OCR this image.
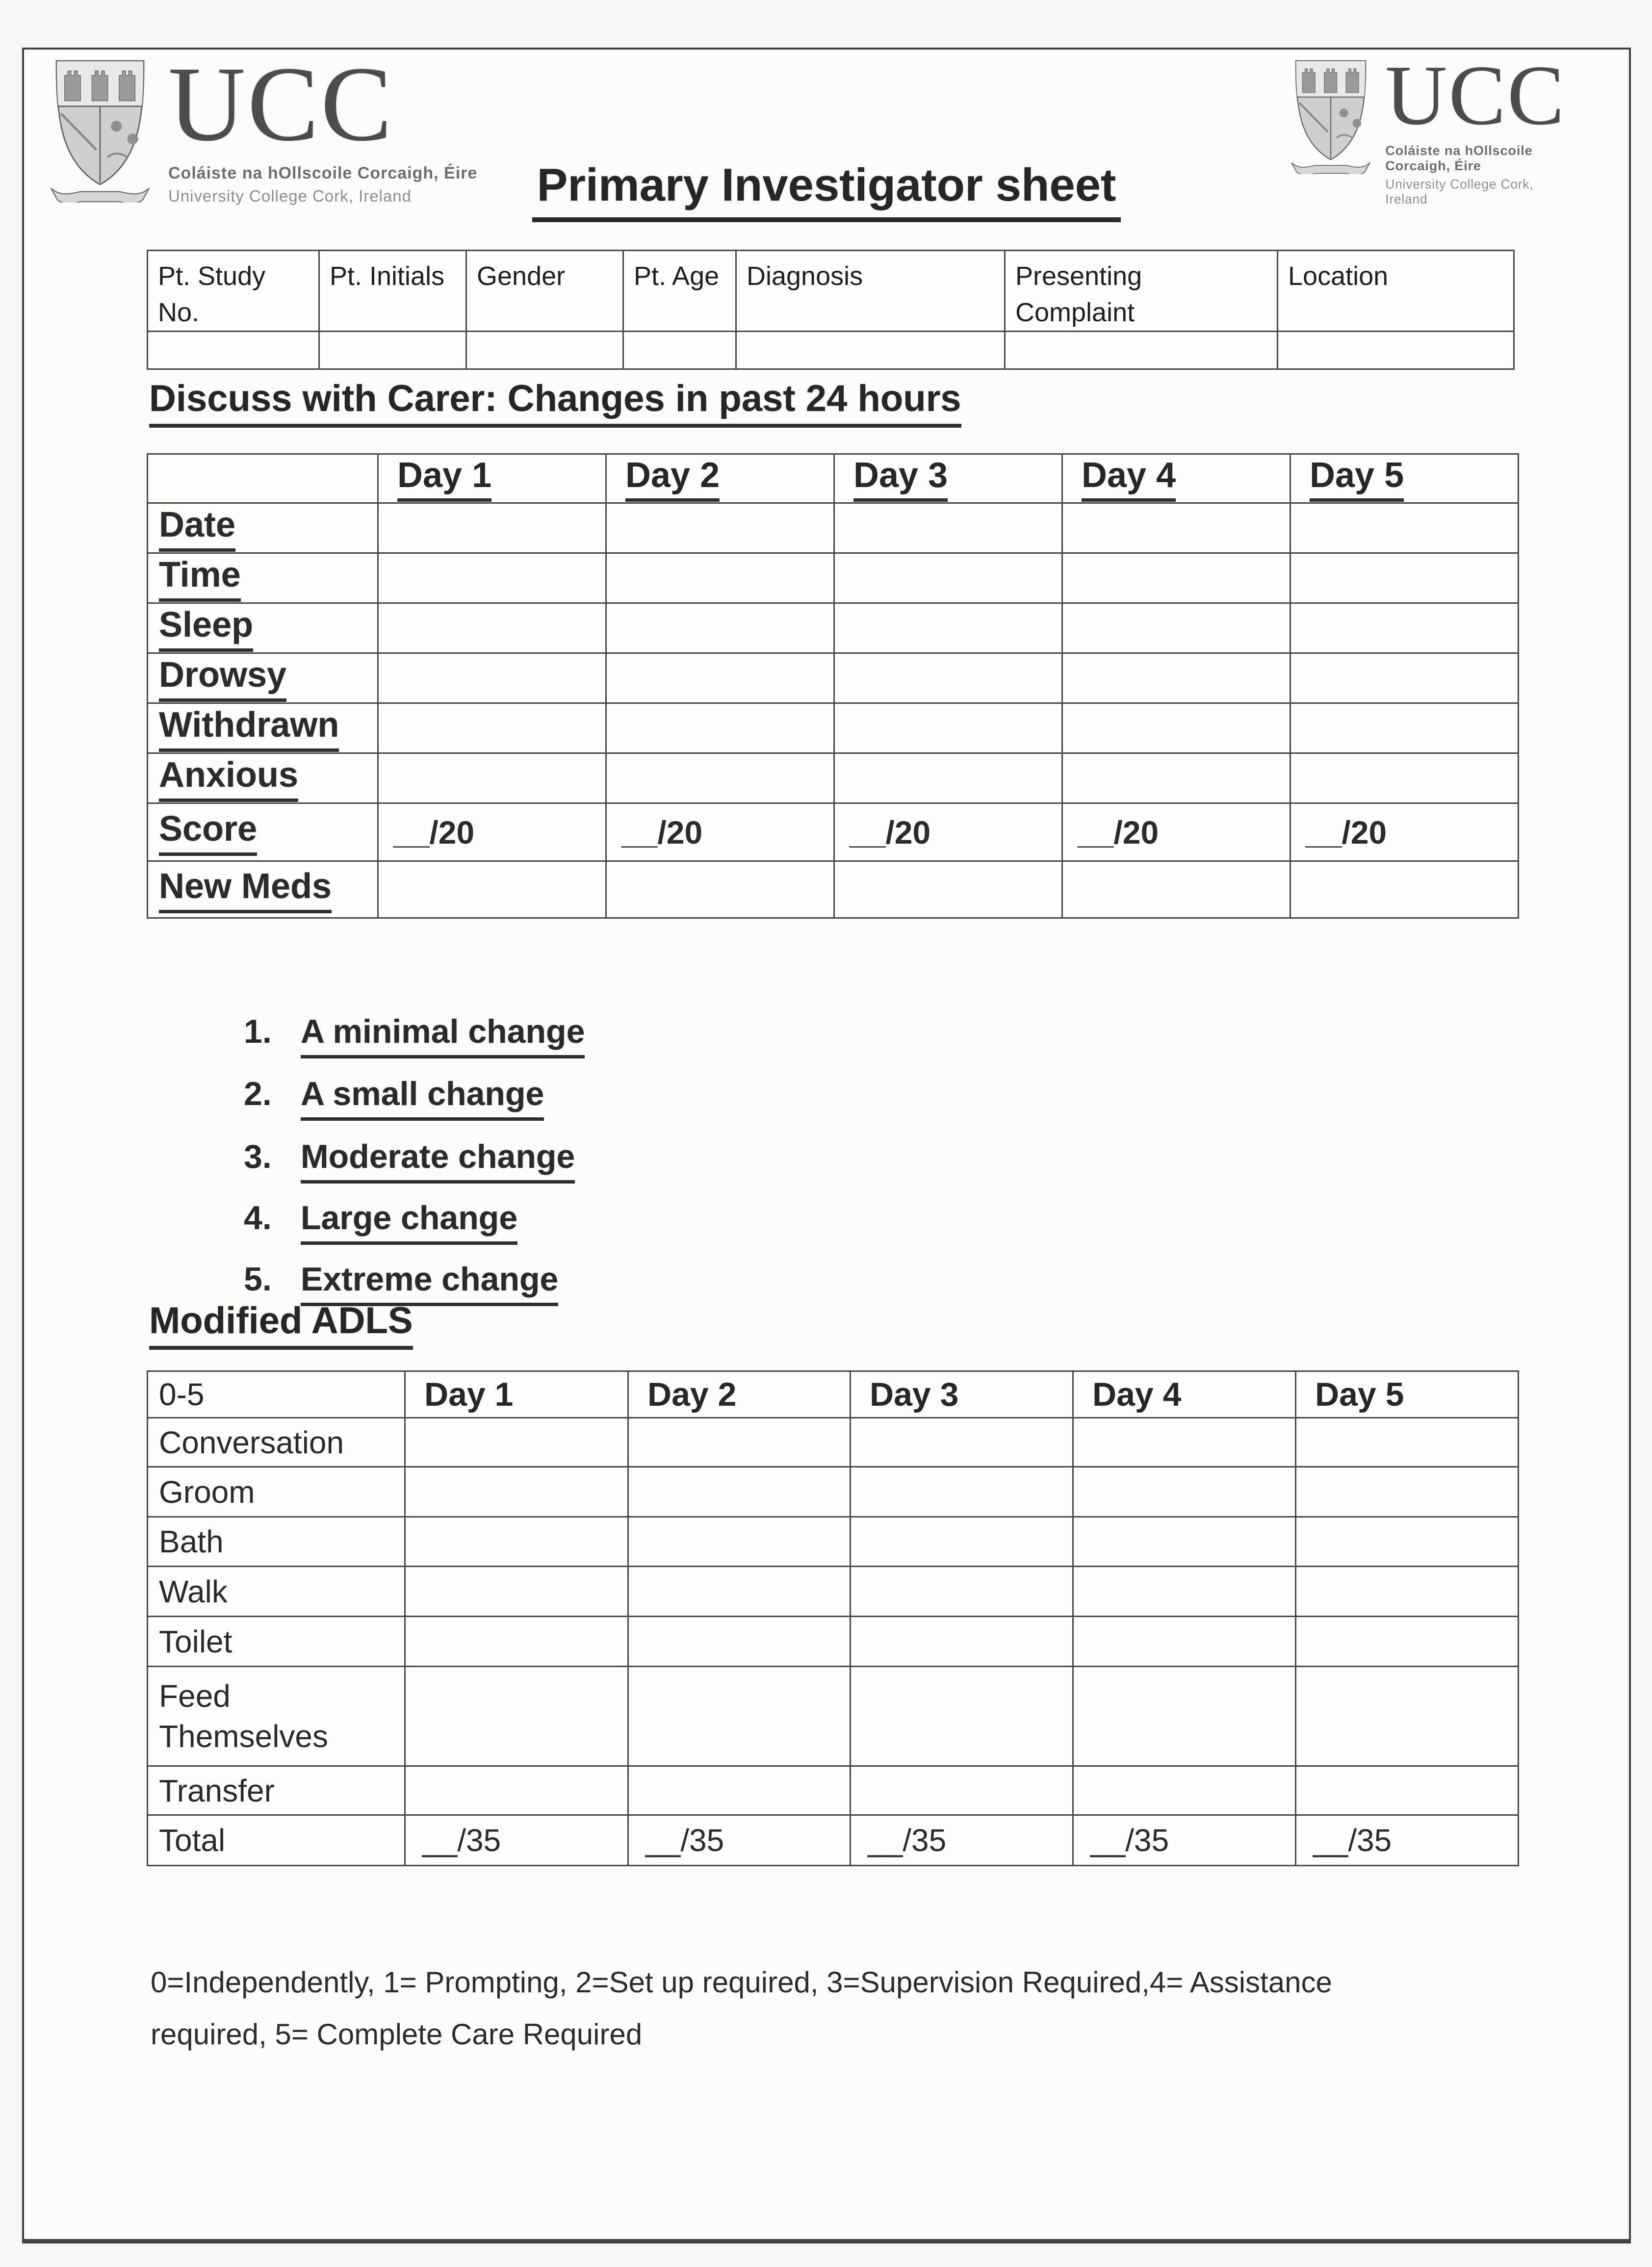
UCC
Coláiste na hOllscoile Corcaigh, Éire
University College Cork, Ireland
UCC
Coláiste na hOllscoile Corcaigh, Éire
University College Cork, Ireland
Primary Investigator sheet
Pt. Study No.	Pt. Initials	Gender	Pt. Age	Diagnosis	Presenting Complaint	Location

Discuss with Carer: Changes in past 24 hours
	Day 1	Day 2	Day 3	Day 4	Day 5
Date					
Time					
Sleep					
Drowsy					
Withdrawn					
Anxious					
Score	__/20	__/20	__/20	__/20	__/20
New Meds					
1. A minimal change
2. A small change
3. Moderate change
4. Large change
5. Extreme change
Modified ADLS
0-5	Day 1	Day 2	Day 3	Day 4	Day 5
Conversation					
Groom					
Bath					
Walk					
Toilet					
Feed Themselves					
Transfer					
Total	__/35	__/35	__/35	__/35	__/35
0=Independently, 1= Prompting, 2=Set up required, 3=Supervision Required,4= Assistance required, 5= Complete Care Required
